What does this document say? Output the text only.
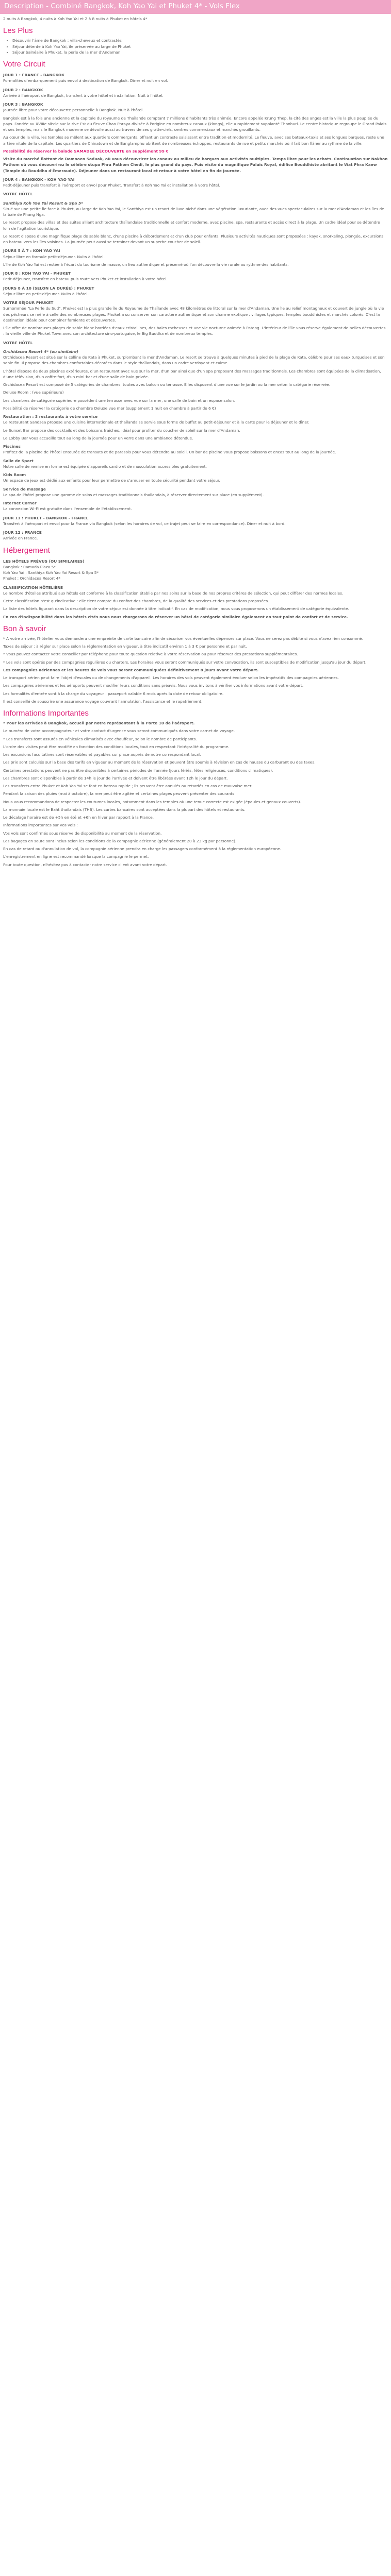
Description - Combiné Bangkok, Koh Yao Yai et Phuket 4* - Vols Flex

2 nuits à Bangkok, 4 nuits à Koh Yao Yai et 2 à 8 nuits à Phuket en hôtels 4*

Les Plus
• Découvrir l'âme de Bangkok : villa-cheveux et contrastés
• Séjour détente à Koh Yao Yai, île préservée au large de Phuket
• Séjour balnéaire à Phuket, la perle de la mer d'Andaman
Votre Circuit
JOUR 1 : FRANCE - BANGKOK

Formalités d'embarquement puis envol à destination de Bangkok. Dîner et nuit en vol.

JOUR 2 : BANGKOK

Arrivée à l'aéroport de Bangkok, transfert à votre hôtel et installation. Nuit à l'hôtel.

JOUR 3 : BANGKOK

Journée libre pour votre découverte personnelle à Bangkok. Nuit à l'hôtel.

Bangkok est à la fois une ancienne et la capitale du royaume de Thaïlande comptant 7 millions d'habitants très animée. Encore appelée Krung Thep, la cité des anges est la ville la plus peuplée du pays. Fondée au XVIIIe siècle sur la rive Est du fleuve Chao Phraya divisée à l'origine en nombreux canaux (klongs), elle a rapidement supplanté Thonburi. Le centre historique regroupe le Grand Palais et ses temples, mais le Bangkok moderne se dévoile aussi au travers de ses gratte-ciels, centres commerciaux et marchés grouillants.

Au cœur de la ville, les temples se mêlent aux quartiers commerçants, offrant un contraste saisissant entre tradition et modernité. Le fleuve, avec ses bateaux-taxis et ses longues barques, reste une artère vitale de la capitale. Les quartiers de Chinatown et de Banglamphu abritent de nombreuses échoppes, restaurants de rue et petits marchés où il fait bon flâner au rythme de la ville.

Possibilité de réserver la balade SAMADEE DÉCOUVERTE en supplément 99 €

Visite du marché flottant de Damnoen Saduak, où vous découvrirez les canaux au milieu de barques aux activités multiples. Temps libre pour les achats. Continuation sur Nakhon Pathom où vous découvrirez le célèbre stupa Phra Pathom Chedi, le plus grand du pays. Puis visite du magnifique Palais Royal, édifice Bouddhiste abritant le Wat Phra Kaew (Temple du Bouddha d'Émeraude). Déjeuner dans un restaurant local et retour à votre hôtel en fin de journée.

JOUR 4 : BANGKOK - KOH YAO YAI

Petit-déjeuner puis transfert à l'aéroport et envol pour Phuket. Transfert à Koh Yao Yai et installation à votre hôtel.

VOTRE HÔTEL
Santhiya Koh Yao Yai Resort & Spa 5*

Situé sur une petite île face à Phuket, au large de Koh Yao Yai, le Santhiya est un resort de luxe niché dans une végétation luxuriante, avec des vues spectaculaires sur la mer d'Andaman et les îles de la baie de Phang Nga.

Le resort propose des villas et des suites alliant architecture thaïlandaise traditionnelle et confort moderne, avec piscine, spa, restaurants et accès direct à la plage. Un cadre idéal pour se détendre loin de l'agitation touristique.

Le resort dispose d'une magnifique plage de sable blanc, d'une piscine à débordement et d'un club pour enfants. Plusieurs activités nautiques sont proposées : kayak, snorkeling, plongée, excursions en bateau vers les îles voisines. La journée peut aussi se terminer devant un superbe coucher de soleil.

JOURS 5 À 7 : KOH YAO YAI

Séjour libre en formule petit-déjeuner. Nuits à l'hôtel.

L'île de Koh Yao Yai est restée à l'écart du tourisme de masse, un lieu authentique et préservé où l'on découvre la vie rurale au rythme des habitants.

JOUR 8 : KOH YAO YAI - PHUKET

Petit-déjeuner, transfert en bateau puis route vers Phuket et installation à votre hôtel.

JOURS 8 À 10 (SELON LA DURÉE) : PHUKET

Séjour libre en petit-déjeuner. Nuits à l'hôtel.

VOTRE SÉJOUR PHUKET

Surnommée "La Perle du Sud", Phuket est la plus grande île du Royaume de Thaïlande avec 48 kilomètres de littoral sur la mer d'Andaman. Une île au relief montagneux et couvert de jungle où la vie des pêcheurs se mêle à celle des nombreuses plages. Phuket a su conserver son caractère authentique et son charme exotique : villages typiques, temples bouddhistes et marchés colorés. C'est la destination idéale pour combiner farniente et découvertes.

L'île offre de nombreuses plages de sable blanc bordées d'eaux cristallines, des baies rocheuses et une vie nocturne animée à Patong. L'intérieur de l'île vous réserve également de belles découvertes : la vieille ville de Phuket Town avec son architecture sino-portugaise, le Big Buddha et de nombreux temples.

VOTRE HÔTEL
Orchidacea Resort 4* (ou similaire)

Orchidacea Resort est situé sur la colline de Kata à Phuket, surplombant la mer d'Andaman. Le resort se trouve à quelques minutes à pied de la plage de Kata, célèbre pour ses eaux turquoises et son sable fin. Il propose des chambres confortables décorées dans le style thaïlandais, dans un cadre verdoyant et calme.

L'hôtel dispose de deux piscines extérieures, d'un restaurant avec vue sur la mer, d'un bar ainsi que d'un spa proposant des massages traditionnels. Les chambres sont équipées de la climatisation, d'une télévision, d'un coffre-fort, d'un mini-bar et d'une salle de bain privée.

Orchidacea Resort est composé de 5 catégories de chambres, toutes avec balcon ou terrasse. Elles disposent d'une vue sur le jardin ou la mer selon la catégorie réservée.

Deluxe Room : (vue supérieure)

Les chambres de catégorie supérieure possèdent une terrasse avec vue sur la mer, une salle de bain et un espace salon.

Possibilité de réserver la catégorie de chambre Deluxe vue mer (supplément 1 nuit en chambre à partir de 6 €)

Restauration : 3 restaurants à votre service

Le restaurant Sandsea propose une cuisine internationale et thaïlandaise servie sous forme de buffet au petit-déjeuner et à la carte pour le déjeuner et le dîner.

Le Sunset Bar propose des cocktails et des boissons fraîches, idéal pour profiter du coucher de soleil sur la mer d'Andaman.

Le Lobby Bar vous accueille tout au long de la journée pour un verre dans une ambiance détendue.

Piscines

Profitez de la piscine de l'hôtel entourée de transats et de parasols pour vous détendre au soleil. Un bar de piscine vous propose boissons et encas tout au long de la journée.

Salle de Sport

Notre salle de remise en forme est équipée d'appareils cardio et de musculation accessibles gratuitement.

Kids Room

Un espace de jeux est dédié aux enfants pour leur permettre de s'amuser en toute sécurité pendant votre séjour.

Service de massage

Le spa de l'hôtel propose une gamme de soins et massages traditionnels thaïlandais, à réserver directement sur place (en supplément).

Internet Corner

La connexion Wi-Fi est gratuite dans l'ensemble de l'établissement.

JOUR 11 : PHUKET - BANGKOK - FRANCE

Transfert à l'aéroport et envol pour la France via Bangkok (selon les horaires de vol, ce trajet peut se faire en correspondance). Dîner et nuit à bord.

JOUR 12 : FRANCE

Arrivée en France.

Hébergement
LES HÔTELS PRÉVUS (OU SIMILAIRES)
Bangkok : Ramada Plaza 5*
Koh Yao Yai : Santhiya Koh Yao Yai Resort & Spa 5*
Phuket : Orchidacea Resort 4*
CLASSIFICATION HÔTELIÈRE

Le nombre d'étoiles attribué aux hôtels est conforme à la classification établie par nos soins sur la base de nos propres critères de sélection, qui peut différer des normes locales.

Cette classification n'est qu'indicative : elle tient compte du confort des chambres, de la qualité des services et des prestations proposées.

La liste des hôtels figurant dans la description de votre séjour est donnée à titre indicatif. En cas de modification, nous vous proposerons un établissement de catégorie équivalente.

En cas d'indisponibilité dans les hôtels cités nous nous chargerons de réserver un hôtel de catégorie similaire également en tout point de confort et de service.

Bon à savoir

* A votre arrivée, l'hôtelier vous demandera une empreinte de carte bancaire afin de sécuriser vos éventuelles dépenses sur place. Vous ne serez pas débité si vous n'avez rien consommé.

Taxes de séjour : à régler sur place selon la réglementation en vigueur, à titre indicatif environ 1 à 3 € par personne et par nuit.

* Vous pouvez contacter votre conseiller par téléphone pour toute question relative à votre réservation ou pour réserver des prestations supplémentaires.

* Les vols sont opérés par des compagnies régulières ou charters. Les horaires vous seront communiqués sur votre convocation, ils sont susceptibles de modification jusqu'au jour du départ.

Les compagnies aériennes et les heures de vols vous seront communiquées définitivement 8 jours avant votre départ.

Le transport aérien peut faire l'objet d'escales ou de changements d'appareil. Les horaires des vols peuvent également évoluer selon les impératifs des compagnies aériennes.

Les compagnies aériennes et les aéroports peuvent modifier leurs conditions sans préavis. Nous vous invitons à vérifier vos informations avant votre départ.

Les formalités d'entrée sont à la charge du voyageur : passeport valable 6 mois après la date de retour obligatoire.

Il est conseillé de souscrire une assurance voyage couvrant l'annulation, l'assistance et le rapatriement.

Informations Importantes

* Pour les arrivées à Bangkok, accueil par notre représentant à la Porte 10 de l'aéroport.

Le numéro de votre accompagnateur et votre contact d'urgence vous seront communiqués dans votre carnet de voyage.

* Les transferts sont assurés en véhicules climatisés avec chauffeur, selon le nombre de participants.

L'ordre des visites peut être modifié en fonction des conditions locales, tout en respectant l'intégralité du programme.

Les excursions facultatives sont réservables et payables sur place auprès de notre correspondant local.

Les prix sont calculés sur la base des tarifs en vigueur au moment de la réservation et peuvent être soumis à révision en cas de hausse du carburant ou des taxes.

Certaines prestations peuvent ne pas être disponibles à certaines périodes de l'année (jours fériés, fêtes religieuses, conditions climatiques).

Les chambres sont disponibles à partir de 14h le jour de l'arrivée et doivent être libérées avant 12h le jour du départ.

Les transferts entre Phuket et Koh Yao Yai se font en bateau rapide ; ils peuvent être annulés ou retardés en cas de mauvaise mer.

Pendant la saison des pluies (mai à octobre), la mer peut être agitée et certaines plages peuvent présenter des courants.

Nous vous recommandons de respecter les coutumes locales, notamment dans les temples où une tenue correcte est exigée (épaules et genoux couverts).

La monnaie locale est le Baht thaïlandais (THB). Les cartes bancaires sont acceptées dans la plupart des hôtels et restaurants.

Le décalage horaire est de +5h en été et +6h en hiver par rapport à la France.

Informations importantes sur vos vols :

Vos vols sont confirmés sous réserve de disponibilité au moment de la réservation.

Les bagages en soute sont inclus selon les conditions de la compagnie aérienne (généralement 20 à 23 kg par personne).

En cas de retard ou d'annulation de vol, la compagnie aérienne prendra en charge les passagers conformément à la réglementation européenne.

L'enregistrement en ligne est recommandé lorsque la compagnie le permet.

Pour toute question, n'hésitez pas à contacter notre service client avant votre départ.
